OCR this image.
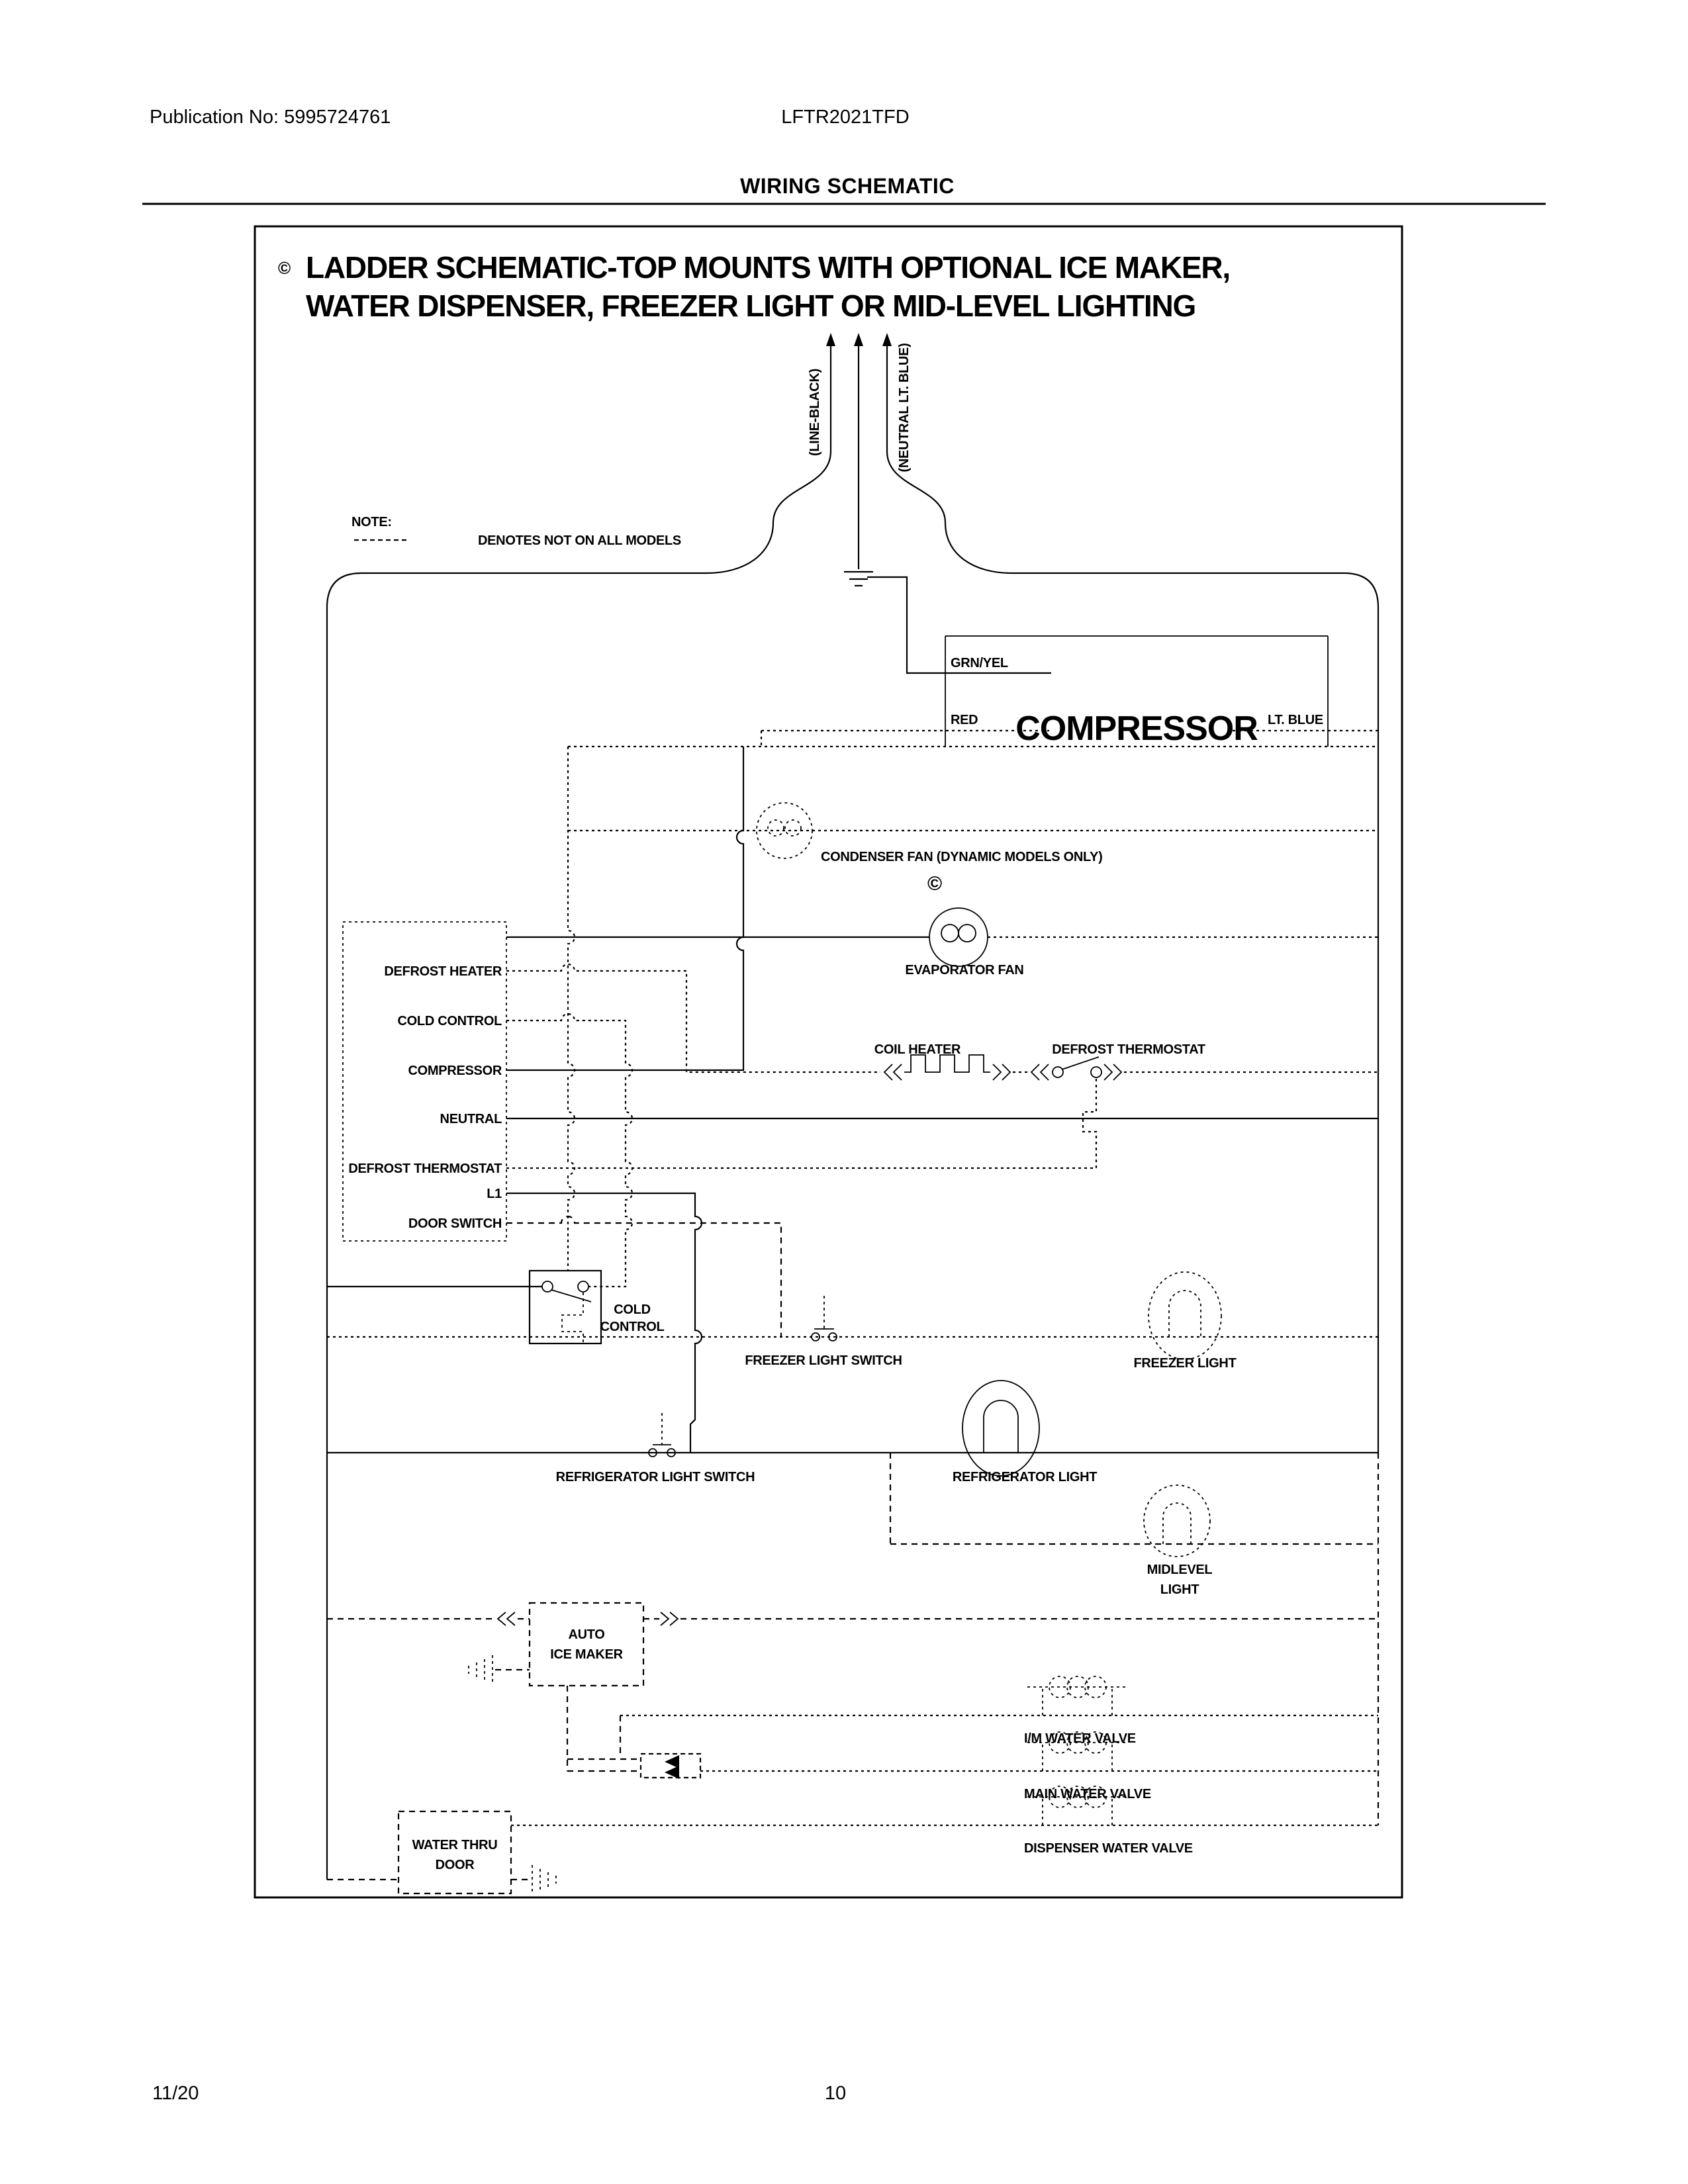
Publication No: 5995724761	LFTR2021TFD
WIRING SCHEMATIC
© LADDER SCHEMATIC-TOP MOUNTS WITH OPTIONAL ICE MAKER,
WATER DISPENSER, FREEZER LIGHT OR MID-LEVEL LIGHTING
NOTE:
DENOTES NOT ON ALL MODELS
(LINE-BLACK)	(NEUTRAL LT. BLUE)
GRN/YEL
RED COMPRESSOR LT. BLUE
CONDENSER FAN (DYNAMIC MODELS ONLY)
©
EVAPORATOR FAN
DEFROST HEATER
COLD CONTROL
COMPRESSOR
NEUTRAL
DEFROST THERMOSTAT
L1
DOOR SWITCH
COIL HEATER	DEFROST THERMOSTAT
COLD
CONTROL
FREEZER LIGHT SWITCH	FREEZER LIGHT
REFRIGERATOR LIGHT SWITCH	REFRIGERATOR LIGHT
MIDLEVEL
LIGHT
AUTO
ICE MAKER
I/M WATER VALVE
MAIN WATER VALVE
DISPENSER WATER VALVE
WATER THRU
DOOR
11/20	10
